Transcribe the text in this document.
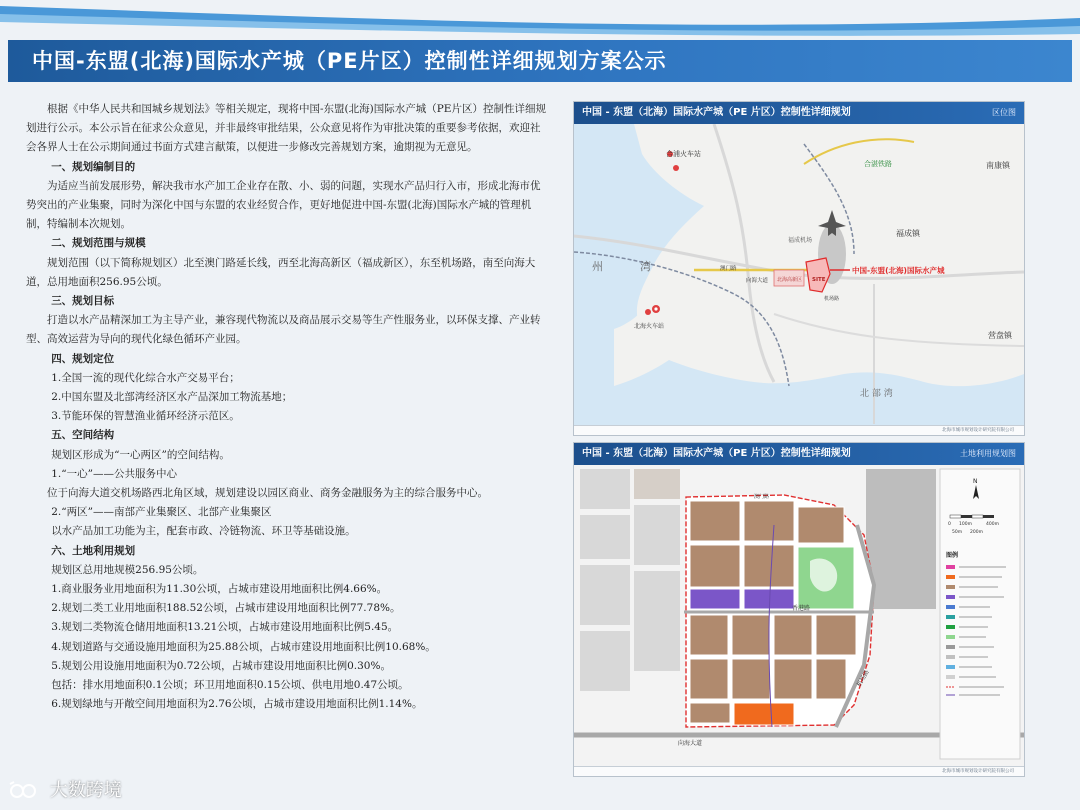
中国-东盟(北海)国际水产城（PE片区）控制性详细规划方案公示

根据《中华人民共和国城乡规划法》等相关规定，现将中国-东盟(北海)国际水产城（PE片区）控制性详细规划进行公示。本公示旨在征求公众意见，并非最终审批结果，公众意见将作为审批决策的重要参考依据，欢迎社会各界人士在公示期间通过书面方式建言献策，以便进一步修改完善规划方案，逾期视为无意见。

一、规划编制目的

为适应当前发展形势，解决我市水产加工企业存在散、小、弱的问题，实现水产品归行入市，形成北海市优势突出的产业集聚，同时为深化中国与东盟的农业经贸合作，更好地促进中国-东盟(北海)国际水产城的管理机制，特编制本次规划。

二、规划范围与规模

规划范围（以下简称规划区）北至澳门路延长线，西至北海高新区（福成新区），东至机场路，南至向海大道，总用地面积256.95公顷。

三、规划目标

打造以水产品精深加工为主导产业，兼容现代物流以及商品展示交易等生产性服务业，以环保支撑、产业转型、高效运营为导向的现代化绿色循环产业园。

四、规划定位

1.全国一流的现代化综合水产交易平台；

2.中国东盟及北部湾经济区水产品深加工物流基地；

3.节能环保的智慧渔业循环经济示范区。

五、空间结构

规划区形成为“一心两区”的空间结构。

1.“一心”——公共服务中心

位于向海大道交机场路西北角区域，规划建设以园区商业、商务金融服务为主的综合服务中心。

2.“两区”——南部产业集聚区、北部产业集聚区

以水产品加工功能为主，配套市政、冷链物流、环卫等基础设施。

六、土地利用规划

规划区总用地规模256.95公顷。

1.商业服务业用地面积为11.30公顷，占城市建设用地面积比例4.66%。

2.规划二类工业用地面积188.52公顷，占城市建设用地面积比例77.78%。

3.规划二类物流仓储用地面积13.21公顷，占城市建设用地面积比例5.45。

4.规划道路与交通设施用地面积为25.88公顷，占城市建设用地面积比例10.68%。

5.规划公用设施用地面积为0.72公顷，占城市建设用地面积比例0.30%。

包括：排水用地面积0.1公顷；环卫用地面积0.15公顷、供电用地0.47公顷。

6.规划绿地与开敞空间用地面积为2.76公顷，占城市建设用地面积比例1.14%。

中国 - 东盟（北海）国际水产城（PE 片区）控制性详细规划	区位图
合浦火车站
合湛铁路	南康镇
福成镇
福成机场
州	湾	澳门路
向海大道 北海高新区 SITE
机场路
中国-东盟(北海)国际水产城
北海火车站
营盘镇
北 部 湾
北海市城市规划设计研究院有限公司
中国 - 东盟（北海）国际水产城（PE 片区）控制性详细规划	土地利用规划图
澳门路
向海大道
香港路
机场路
N
0 100m	400m
50m 200m
图例
北海市城市规划设计研究院有限公司
大数跨境
